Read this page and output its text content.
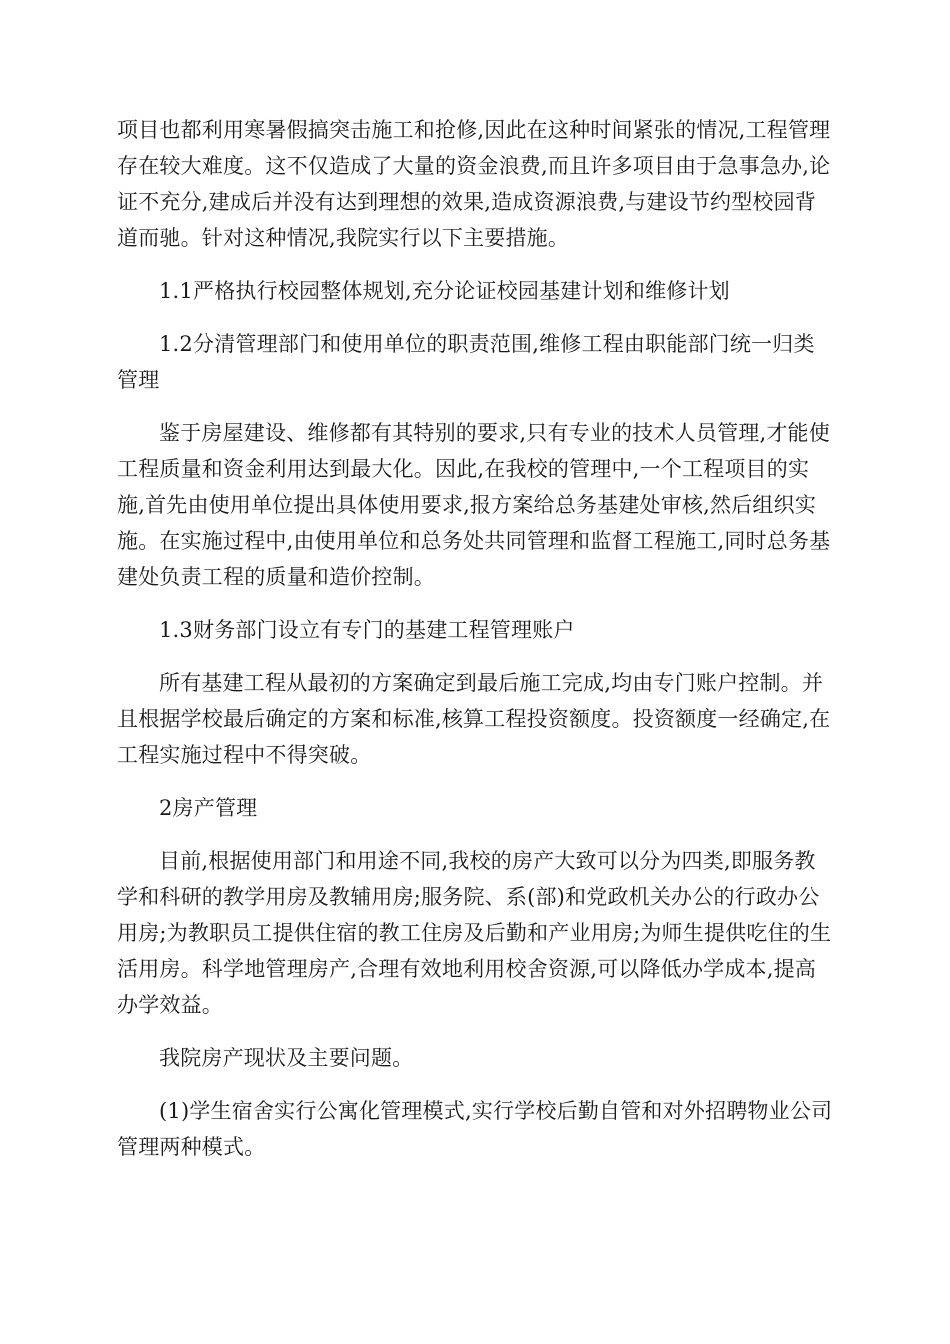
项目也都利用寒暑假搞突击施工和抢修,因此在这种时间紧张的情况,工程管理存在较大难度。这不仅造成了大量的资金浪费,而且许多项目由于急事急办,论证不充分,建成后并没有达到理想的效果,造成资源浪费,与建设节约型校园背道而驰。针对这种情况,我院实行以下主要措施。

1.1严格执行校园整体规划,充分论证校园基建计划和维修计划

1.2分清管理部门和使用单位的职责范围,维修工程由职能部门统一归类管理

鉴于房屋建设、维修都有其特别的要求,只有专业的技术人员管理,才能使工程质量和资金利用达到最大化。因此,在我校的管理中,一个工程项目的实施,首先由使用单位提出具体使用要求,报方案给总务基建处审核,然后组织实施。在实施过程中,由使用单位和总务处共同管理和监督工程施工,同时总务基建处负责工程的质量和造价控制。

1.3财务部门设立有专门的基建工程管理账户

所有基建工程从最初的方案确定到最后施工完成,均由专门账户控制。并且根据学校最后确定的方案和标准,核算工程投资额度。投资额度一经确定,在工程实施过程中不得突破。

2房产管理

目前,根据使用部门和用途不同,我校的房产大致可以分为四类,即服务教学和科研的教学用房及教辅用房;服务院、系(部)和党政机关办公的行政办公用房;为教职员工提供住宿的教工住房及后勤和产业用房;为师生提供吃住的生活用房。科学地管理房产,合理有效地利用校舍资源,可以降低办学成本,提高办学效益。

我院房产现状及主要问题。

(1)学生宿舍实行公寓化管理模式,实行学校后勤自管和对外招聘物业公司管理两种模式。
